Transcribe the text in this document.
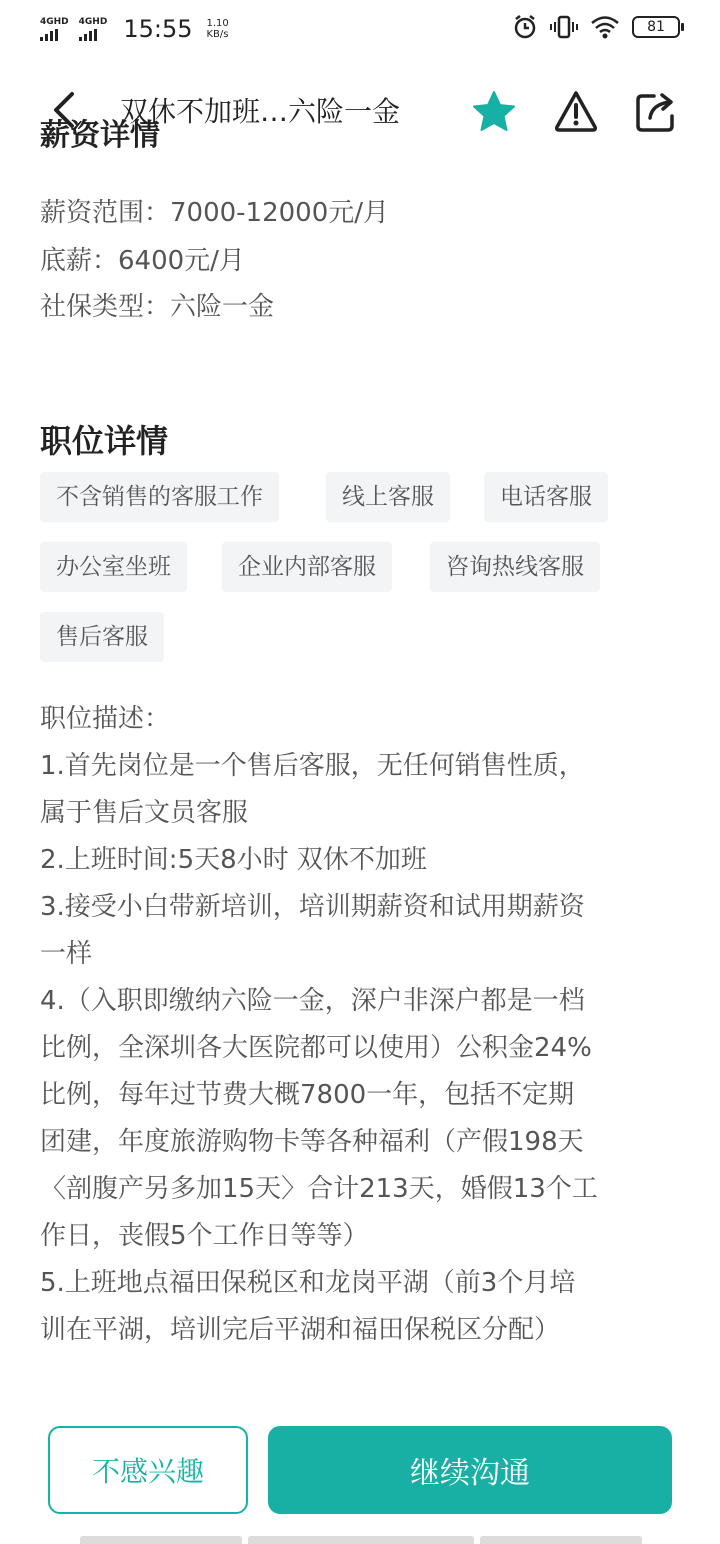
4GHD 4GHD 15:55 1.10
KB/s	81
双休不加班…六险一金
薪资详情
薪资范围：7000-12000元/月
底薪：6400元/月
社保类型：六险一金
职位详情
不含销售的客服工作	线上客服	电话客服
办公室坐班	企业内部客服	咨询热线客服
售后客服
职位描述：
1.首先岗位是一个售后客服，无任何销售性质，
属于售后文员客服
2.上班时间:5天8小时 双休不加班
3.接受小白带新培训，培训期薪资和试用期薪资
一样
4.（入职即缴纳六险一金，深户非深户都是一档
比例，全深圳各大医院都可以使用）公积金24%
比例，每年过节费大概7800一年，包括不定期
团建，年度旅游购物卡等各种福利（产假198天
〈剖腹产另多加15天〉合计213天，婚假13个工
作日，丧假5个工作日等等）
5.上班地点福田保税区和龙岗平湖（前3个月培
训在平湖，培训完后平湖和福田保税区分配）
不感兴趣	继续沟通
